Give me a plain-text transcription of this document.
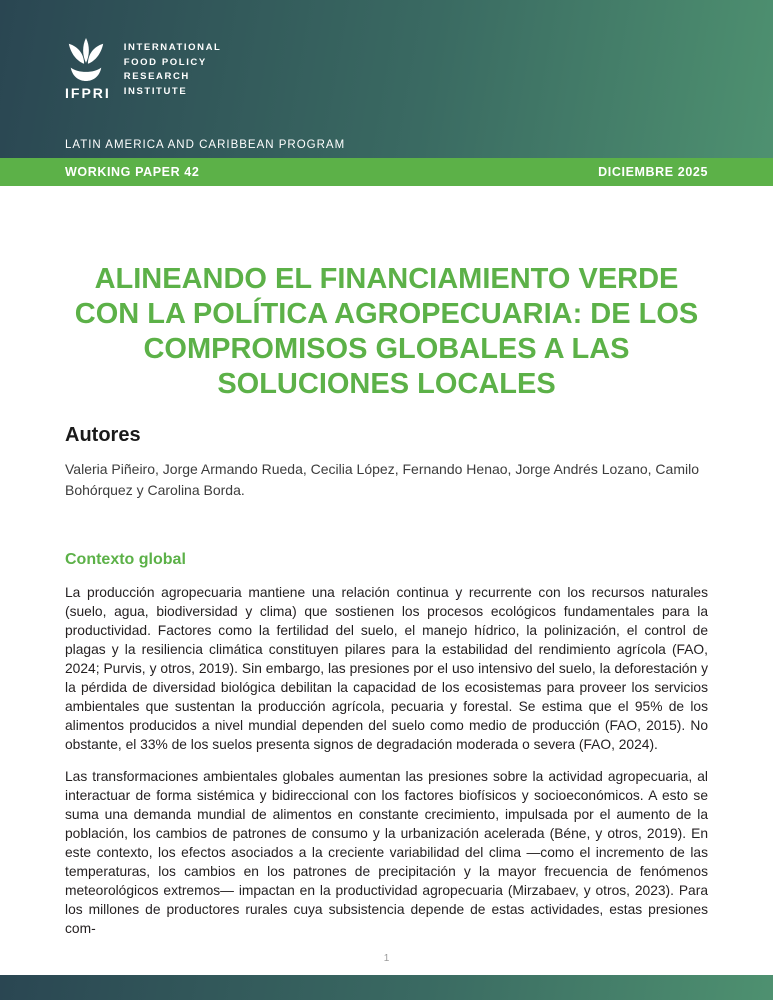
IFPRI
INTERNATIONAL
FOOD POLICY
RESEARCH
INSTITUTE
LATIN AMERICA AND CARIBBEAN PROGRAM
WORKING PAPER 42	DICIEMBRE 2025
ALINEANDO EL FINANCIAMIENTO VERDE CON LA POLÍTICA AGROPECUARIA: DE LOS COMPROMISOS GLOBALES A LAS SOLUCIONES LOCALES
Autores

Valeria Piñeiro, Jorge Armando Rueda, Cecilia López, Fernando Henao, Jorge Andrés Lozano, Camilo Bohórquez y Carolina Borda.

Contexto global

La producción agropecuaria mantiene una relación continua y recurrente con los recursos naturales (suelo, agua, biodiversidad y clima) que sostienen los procesos ecológicos fundamentales para la productividad. Factores como la fertilidad del suelo, el manejo hídrico, la polinización, el control de plagas y la resiliencia climática constituyen pilares para la estabilidad del rendimiento agrícola (FAO, 2024; Purvis, y otros, 2019). Sin embargo, las presiones por el uso intensivo del suelo, la deforestación y la pérdida de diversidad biológica debilitan la capacidad de los ecosistemas para proveer los servicios ambientales que sustentan la producción agrícola, pecuaria y forestal. Se estima que el 95% de los alimentos producidos a nivel mundial dependen del suelo como medio de producción (FAO, 2015). No obstante, el 33% de los suelos presenta signos de degradación moderada o severa (FAO, 2024).

Las transformaciones ambientales globales aumentan las presiones sobre la actividad agropecuaria, al interactuar de forma sistémica y bidireccional con los factores biofísicos y socioeconómicos. A esto se suma una demanda mundial de alimentos en constante crecimiento, impulsada por el aumento de la población, los cambios de patrones de consumo y la urbanización acelerada (Béne, y otros, 2019). En este contexto, los efectos asociados a la creciente variabilidad del clima —como el incremento de las temperaturas, los cambios en los patrones de precipitación y la mayor frecuencia de fenómenos meteorológicos extremos— impactan en la productividad agropecuaria (Mirzabaev, y otros, 2023). Para los millones de productores rurales cuya subsistencia depende de estas actividades, estas presiones com-

1
